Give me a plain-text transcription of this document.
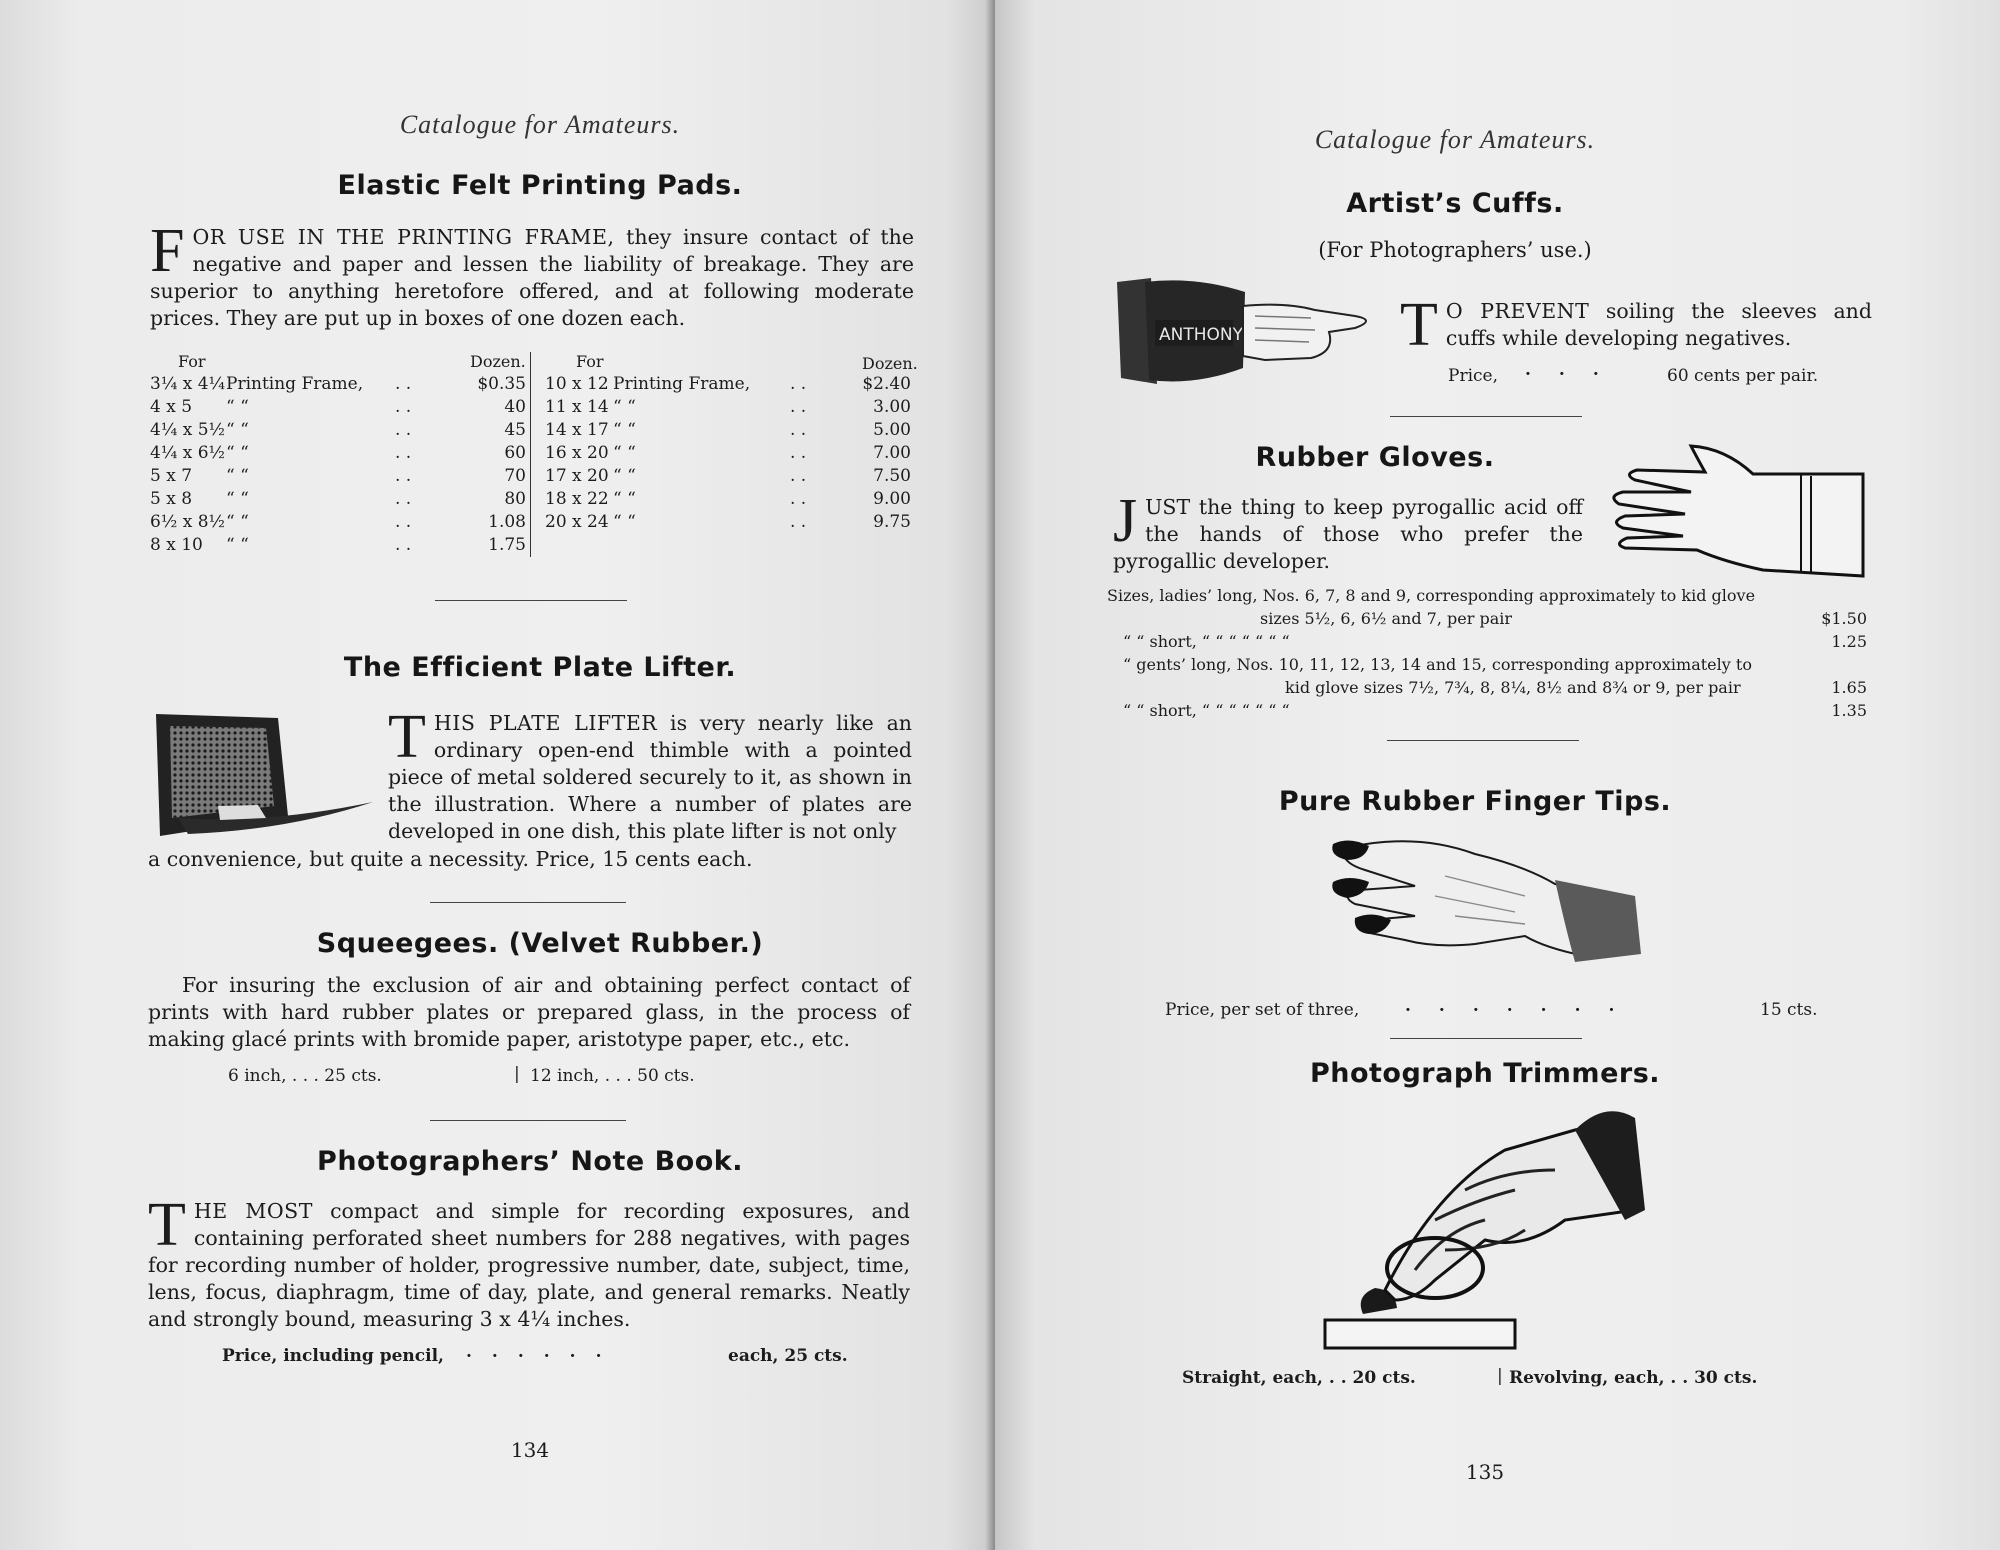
Catalogue for Amateurs.
Elastic Felt Printing Pads.

FOR USE IN THE PRINTING FRAME, they insure contact of the negative and paper and lessen the liability of breakage. They are superior to anything heretofore offered, and at following moderate prices. They are put up in boxes of one dozen each.

For	Dozen.	For	Dozen.
3¼ x 4¼ Printing Frame, . .	$0.35
4 x 5 “ “	. .	40
4¼ x 5½ “ “	. .	45
4¼ x 6½ “ “	. .	60
5 x 7 “ “	. .	70
5 x 8 “ “	. .	80
6½ x 8½ “ “	. .	1.08
8 x 10 “ “	. .	1.75
10 x 12 Printing Frame, . .	$2.40
11 x 14 “ “	. .	3.00
14 x 17 “ “	. .	5.00
16 x 20 “ “	. .	7.00
17 x 20 “ “	. .	7.50
18 x 22 “ “	. .	9.00
20 x 24 “ “	. .	9.75
The Efficient Plate Lifter.

THIS PLATE LIFTER is very nearly like an ordinary open-end thimble with a pointed piece of metal soldered securely to it, as shown in the illustration. Where a number of plates are developed in one dish, this plate lifter is not only

a convenience, but quite a necessity. Price, 15 cents each.
Squeegees. (Velvet Rubber.)
For insuring the exclusion of air and obtaining perfect contact of prints with hard rubber plates or prepared glass, in the process of making glacé prints with bromide paper, aristotype paper, etc., etc.
6 inch, . . . 25 cts.	| 12 inch, . . . 50 cts.
Photographers’ Note Book.

THE MOST compact and simple for recording exposures, and containing perforated sheet numbers for 288 negatives, with pages for recording number of holder, progressive number, date, subject, time, lens, focus, diaphragm, time of day, plate, and general remarks. Neatly and strongly bound, measuring 3 x 4¼ inches.

Price, including pencil, ......	each, 25 cts.
134
Catalogue for Amateurs.
Artist’s Cuffs.
(For Photographers’ use.)
ANTHONY	T O PREVENT soiling the sleeves and cuffs while developing negatives.

Price, ... 60 cents per pair.
Rubber Gloves.

JUST the thing to keep pyrogallic acid off the hands of those who prefer the pyrogallic developer.

Sizes, ladies’ long, Nos. 6, 7, 8 and 9, corresponding approximately to kid glove
sizes 5½, 6, 6½ and 7, per pair	$1.50
“ “ short, “ “ “ “ “ “ “	1.25
“ gents’ long, Nos. 10, 11, 12, 13, 14 and 15, corresponding approximately to
kid glove sizes 7½, 7¾, 8, 8¼, 8½ and 8¾ or 9, per pair	1.65
“ “ short, “ “ “ “ “ “ “	1.35
Pure Rubber Finger Tips.
Price, per set of three,	.......	15 cts.
Photograph Trimmers.
Straight, each, . . 20 cts.	| Revolving, each, . . 30 cts.
135
